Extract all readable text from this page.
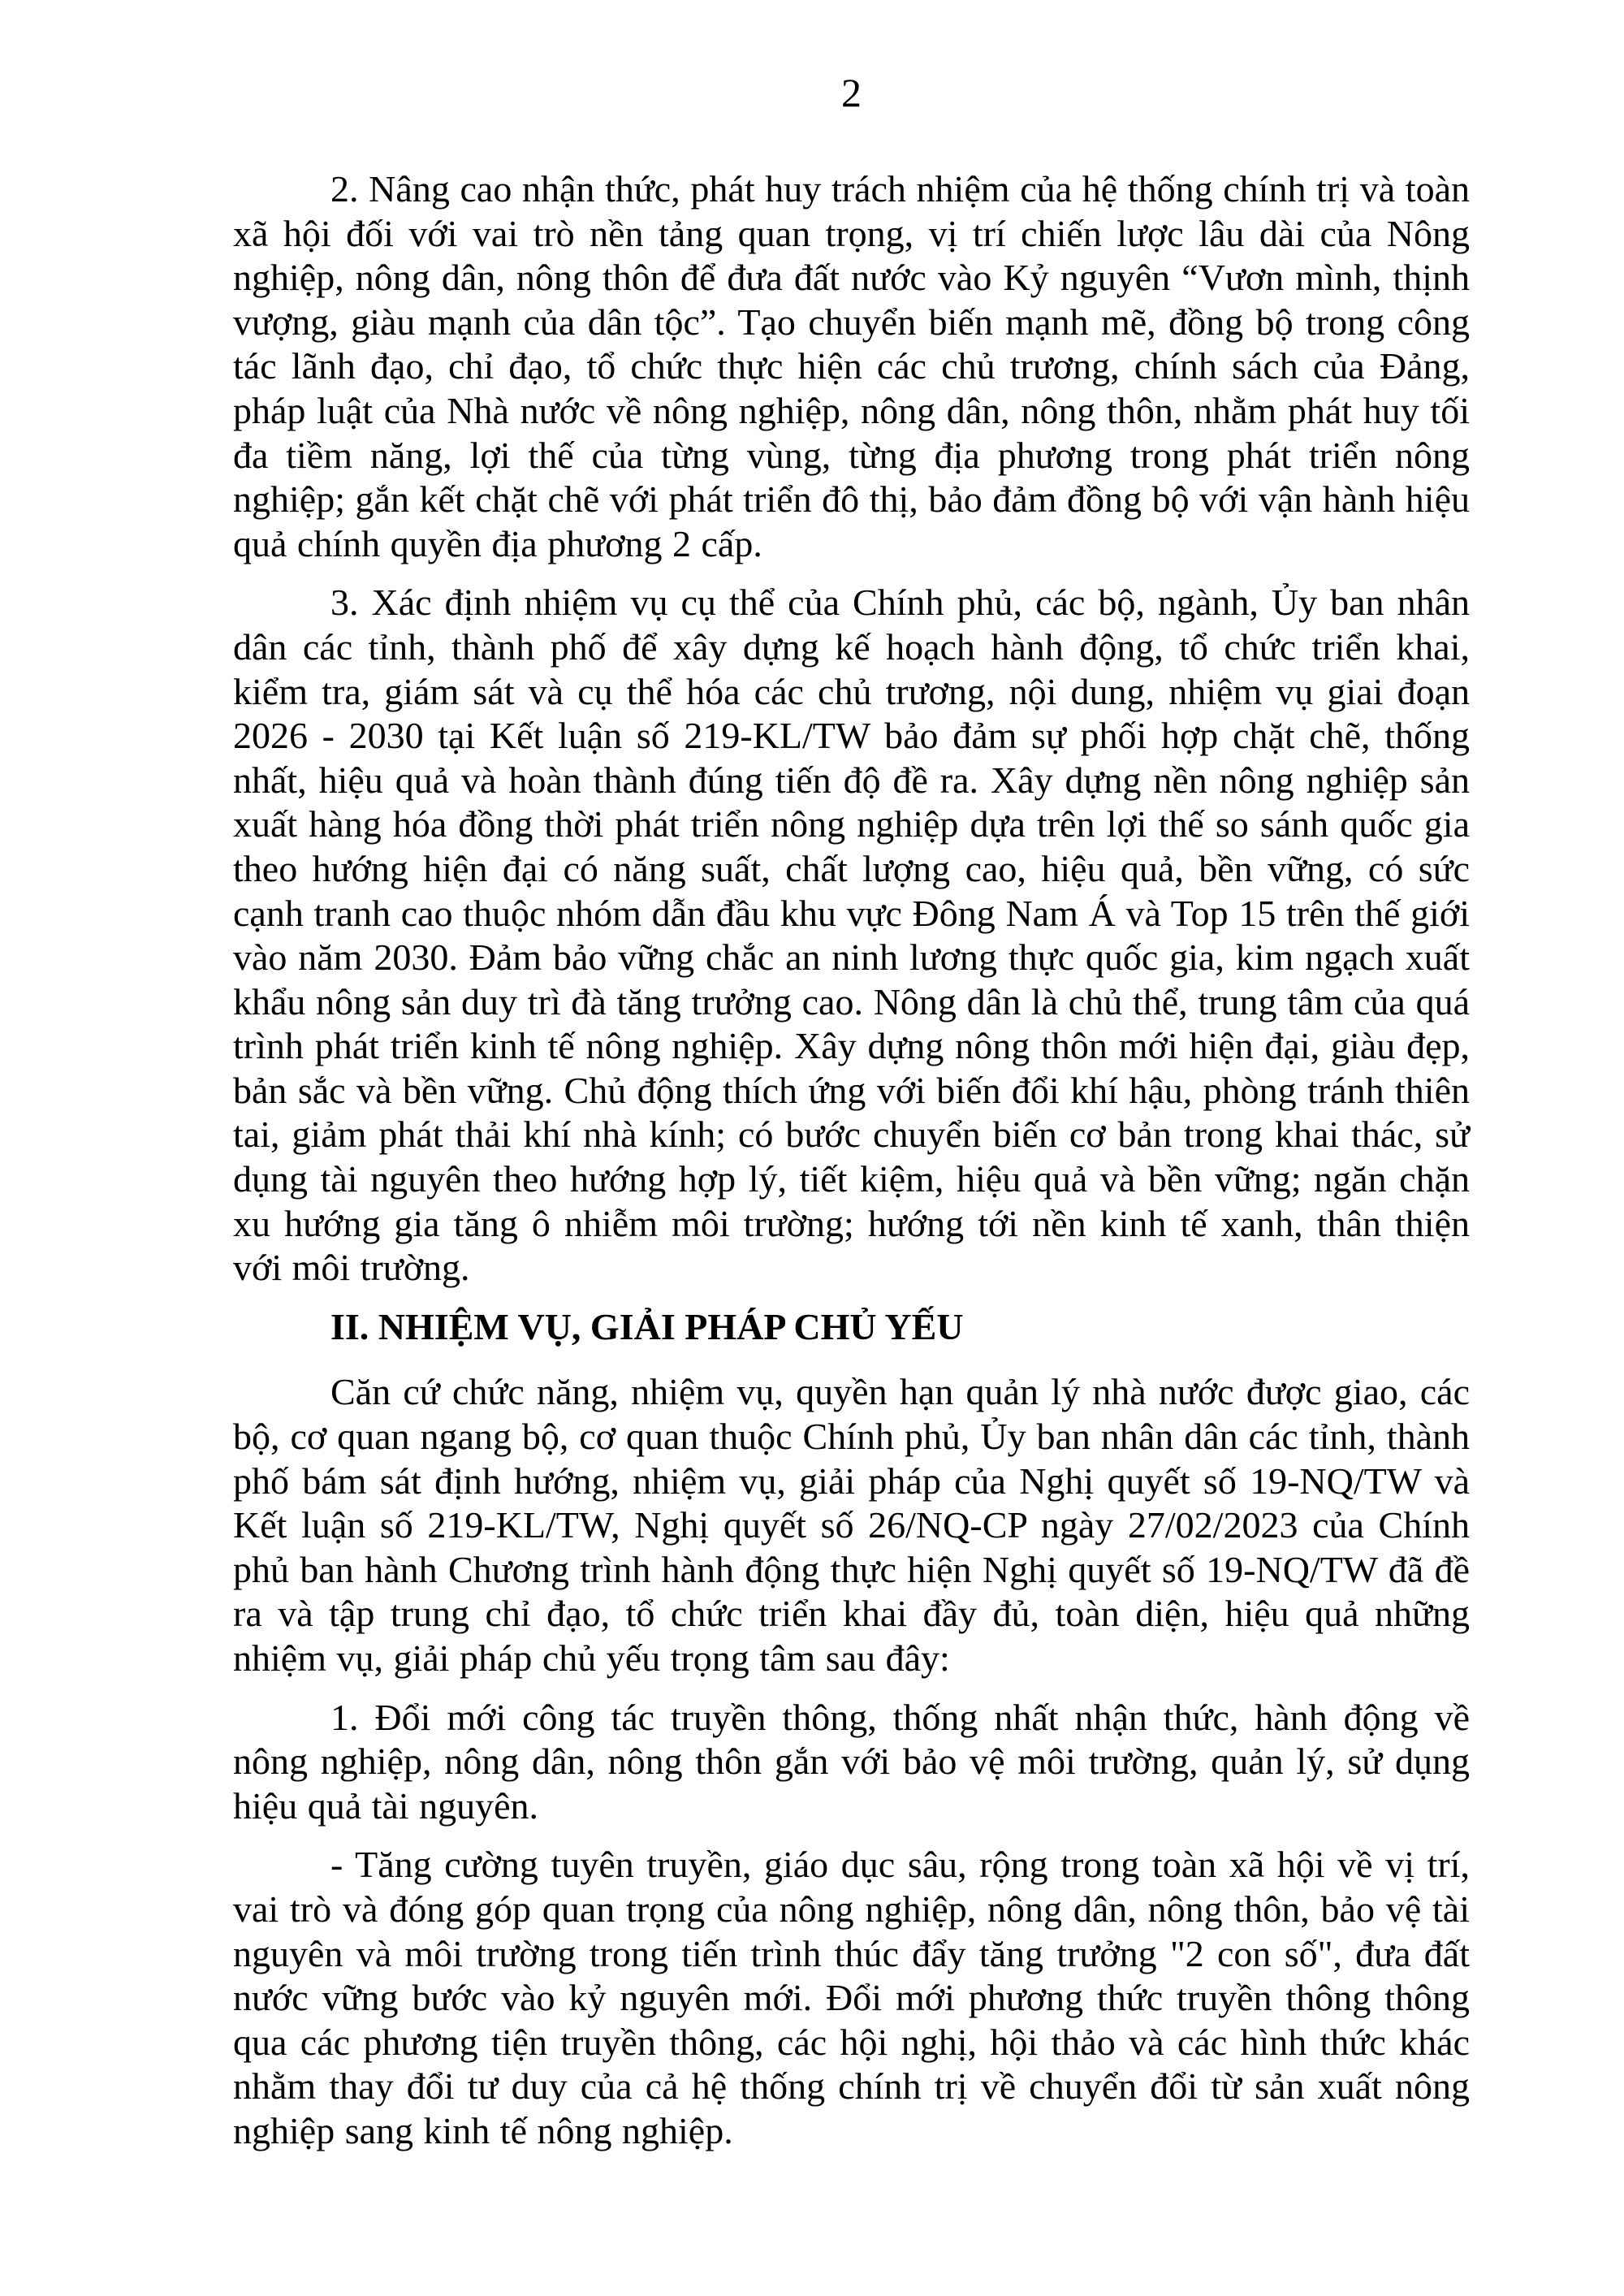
2

2. Nâng cao nhận thức, phát huy trách nhiệm của hệ thống chính trị và toàn xã hội đối với vai trò nền tảng quan trọng, vị trí chiến lược lâu dài của Nông nghiệp, nông dân, nông thôn để đưa đất nước vào Kỷ nguyên “Vươn mình, thịnh vượng, giàu mạnh của dân tộc”. Tạo chuyển biến mạnh mẽ, đồng bộ trong công tác lãnh đạo, chỉ đạo, tổ chức thực hiện các chủ trương, chính sách của Đảng, pháp luật của Nhà nước về nông nghiệp, nông dân, nông thôn, nhằm phát huy tối đa tiềm năng, lợi thế của từng vùng, từng địa phương trong phát triển nông nghiệp; gắn kết chặt chẽ với phát triển đô thị, bảo đảm đồng bộ với vận hành hiệu quả chính quyền địa phương 2 cấp.

3. Xác định nhiệm vụ cụ thể của Chính phủ, các bộ, ngành, Ủy ban nhân dân các tỉnh, thành phố để xây dựng kế hoạch hành động, tổ chức triển khai, kiểm tra, giám sát và cụ thể hóa các chủ trương, nội dung, nhiệm vụ giai đoạn 2026 - 2030 tại Kết luận số 219-KL/TW bảo đảm sự phối hợp chặt chẽ, thống nhất, hiệu quả và hoàn thành đúng tiến độ đề ra. Xây dựng nền nông nghiệp sản xuất hàng hóa đồng thời phát triển nông nghiệp dựa trên lợi thế so sánh quốc gia theo hướng hiện đại có năng suất, chất lượng cao, hiệu quả, bền vững, có sức cạnh tranh cao thuộc nhóm dẫn đầu khu vực Đông Nam Á và Top 15 trên thế giới vào năm 2030. Đảm bảo vững chắc an ninh lương thực quốc gia, kim ngạch xuất khẩu nông sản duy trì đà tăng trưởng cao. Nông dân là chủ thể, trung tâm của quá trình phát triển kinh tế nông nghiệp. Xây dựng nông thôn mới hiện đại, giàu đẹp, bản sắc và bền vững. Chủ động thích ứng với biến đổi khí hậu, phòng tránh thiên tai, giảm phát thải khí nhà kính; có bước chuyển biến cơ bản trong khai thác, sử dụng tài nguyên theo hướng hợp lý, tiết kiệm, hiệu quả và bền vững; ngăn chặn xu hướng gia tăng ô nhiễm môi trường; hướng tới nền kinh tế xanh, thân thiện với môi trường.

II. NHIỆM VỤ, GIẢI PHÁP CHỦ YẾU

Căn cứ chức năng, nhiệm vụ, quyền hạn quản lý nhà nước được giao, các bộ, cơ quan ngang bộ, cơ quan thuộc Chính phủ, Ủy ban nhân dân các tỉnh, thành phố bám sát định hướng, nhiệm vụ, giải pháp của Nghị quyết số 19-NQ/TW và Kết luận số 219-KL/TW, Nghị quyết số 26/NQ-CP ngày 27/02/2023 của Chính phủ ban hành Chương trình hành động thực hiện Nghị quyết số 19-NQ/TW đã đề ra và tập trung chỉ đạo, tổ chức triển khai đầy đủ, toàn diện, hiệu quả những nhiệm vụ, giải pháp chủ yếu trọng tâm sau đây:

1. Đổi mới công tác truyền thông, thống nhất nhận thức, hành động về nông nghiệp, nông dân, nông thôn gắn với bảo vệ môi trường, quản lý, sử dụng hiệu quả tài nguyên.

- Tăng cường tuyên truyền, giáo dục sâu, rộng trong toàn xã hội về vị trí, vai trò và đóng góp quan trọng của nông nghiệp, nông dân, nông thôn, bảo vệ tài nguyên và môi trường trong tiến trình thúc đẩy tăng trưởng "2 con số", đưa đất nước vững bước vào kỷ nguyên mới. Đổi mới phương thức truyền thông thông qua các phương tiện truyền thông, các hội nghị, hội thảo và các hình thức khác nhằm thay đổi tư duy của cả hệ thống chính trị về chuyển đổi từ sản xuất nông nghiệp sang kinh tế nông nghiệp.
